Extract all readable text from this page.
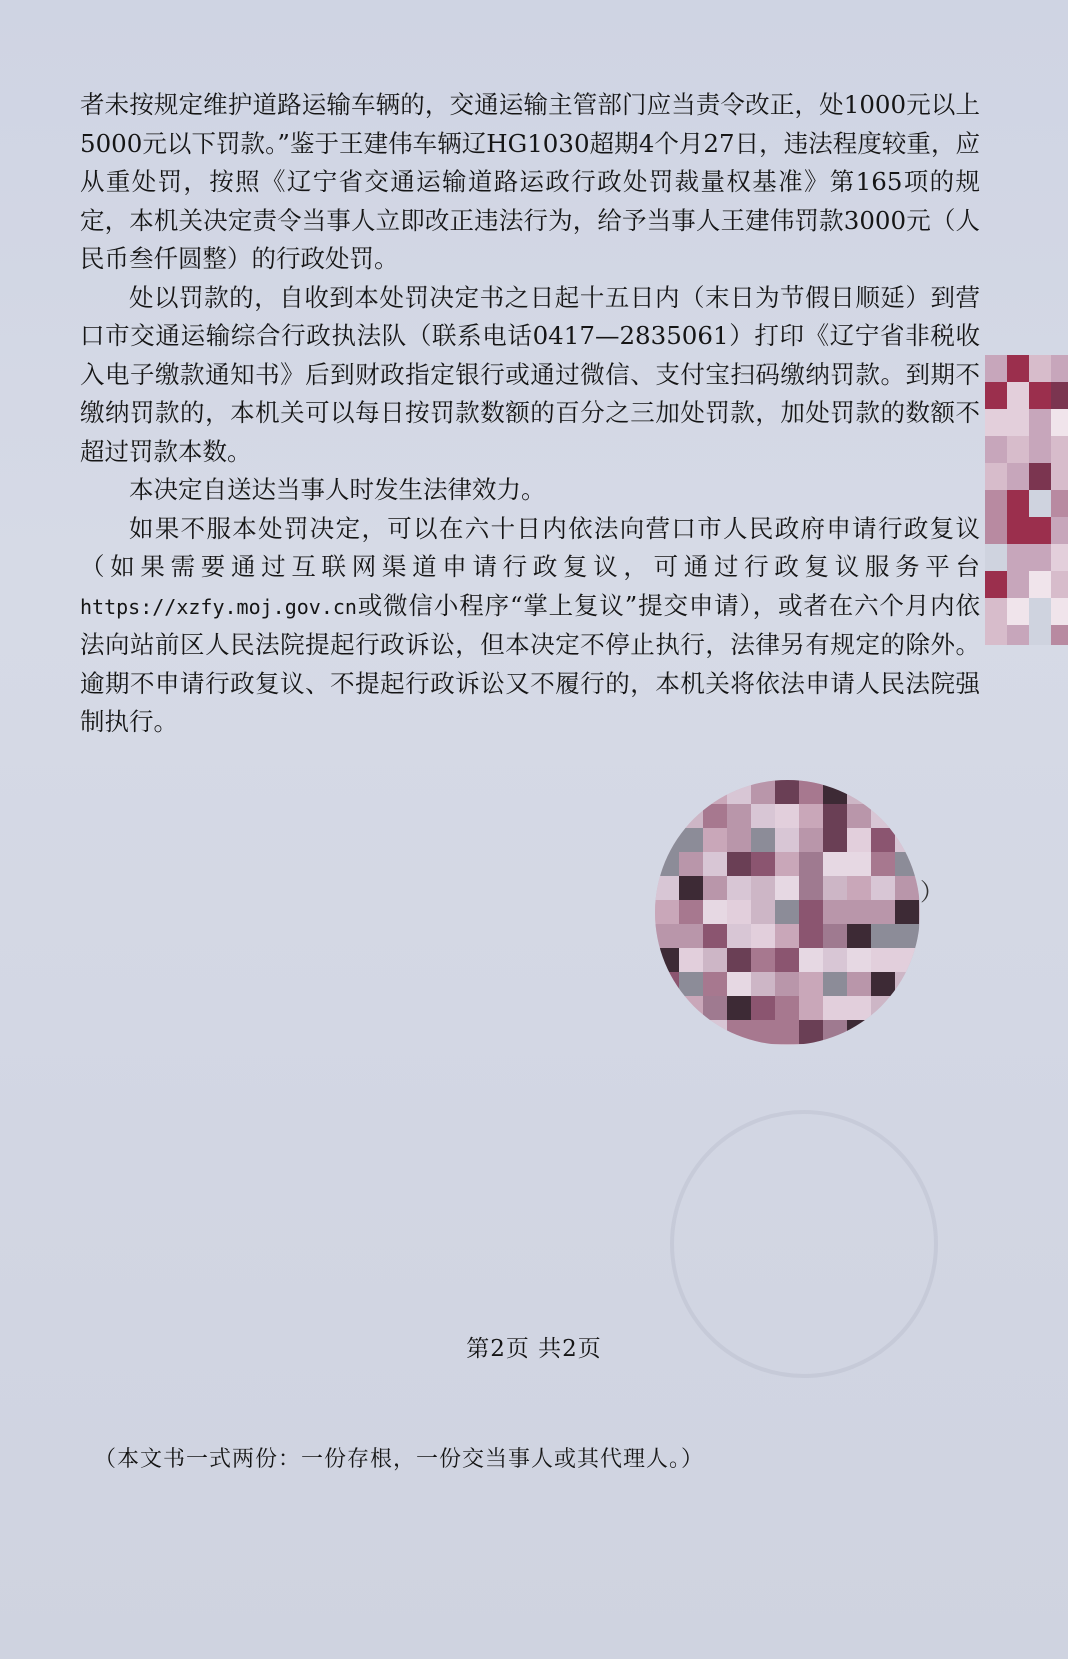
者未按规定维护道路运输车辆的，交通运输主管部门应当责令改正，处1000元以上5000元以下罚款。”鉴于王建伟车辆辽HG1030超期4个月27日，违法程度较重，应从重处罚，按照《辽宁省交通运输道路运政行政处罚裁量权基准》第165项的规定，本机关决定责令当事人立即改正违法行为，给予当事人王建伟罚款3000元（人民币叁仟圆整）的行政处罚。

处以罚款的，自收到本处罚决定书之日起十五日内（末日为节假日顺延）到营口市交通运输综合行政执法队（联系电话0417—2835061）打印《辽宁省非税收入电子缴款通知书》后到财政指定银行或通过微信、支付宝扫码缴纳罚款。到期不缴纳罚款的，本机关可以每日按罚款数额的百分之三加处罚款，加处罚款的数额不超过罚款本数。

本决定自送达当事人时发生法律效力。

如果不服本处罚决定，可以在六十日内依法向营口市人民政府申请行政复议（如果需要通过互联网渠道申请行政复议，可通过行政复议服务平台https://xzfy.moj.gov.cn或微信小程序“掌上复议”提交申请），或者在六个月内依法向站前区人民法院提起行政诉讼，但本决定不停止执行，法律另有规定的除外。逾期不申请行政复议、不提起行政诉讼又不履行的，本机关将依法申请人民法院强制执行。

）
第2页 共2页
（本文书一式两份：一份存根，一份交当事人或其代理人。）
